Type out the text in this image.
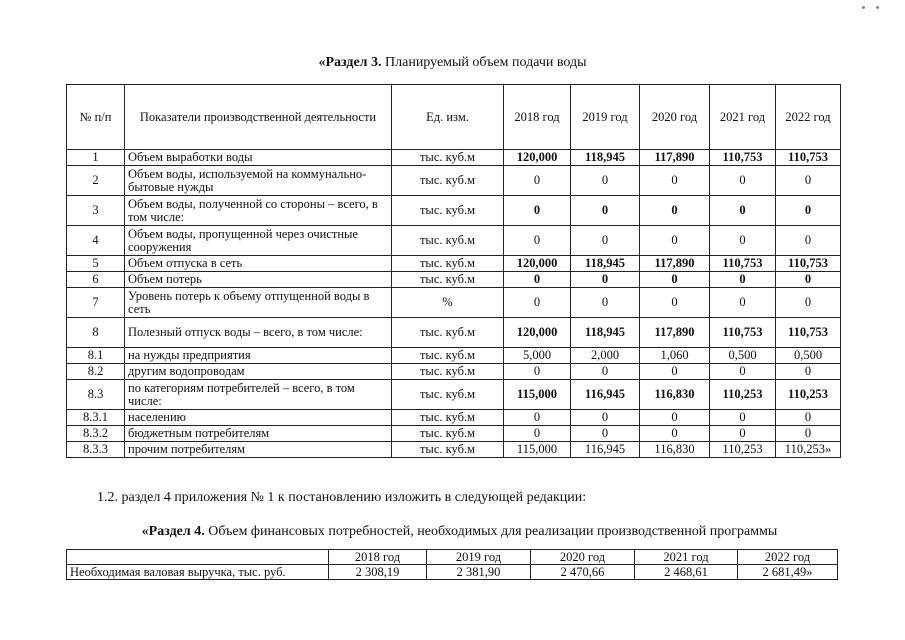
«Раздел 3. Планируемый объем подачи воды
№ п/п	Показатели производственной деятельности	Ед. изм.	2018 год	2019 год	2020 год	2021 год	2022 год
1	Объем выработки воды	тыс. куб.м	120,000	118,945	117,890	110,753	110,753
2	Объем воды, используемой на коммунально-бытовые нужды	тыс. куб.м	0	0	0	0	0
3	Объем воды, полученной со стороны – всего, в том числе:	тыс. куб.м	0	0	0	0	0
4	Объем воды, пропущенной через очистные сооружения	тыс. куб.м	0	0	0	0	0
5	Объем отпуска в сеть	тыс. куб.м	120,000	118,945	117,890	110,753	110,753
6	Объем потерь	тыс. куб.м	0	0	0	0	0
7	Уровень потерь к объему отпущенной воды в сеть	%	0	0	0	0	0
8	Полезный отпуск воды – всего, в том числе:	тыс. куб.м	120,000	118,945	117,890	110,753	110,753
8.1	на нужды предприятия	тыс. куб.м	5,000	2,000	1,060	0,500	0,500
8.2	другим водопроводам	тыс. куб.м	0	0	0	0	0
8.3	по категориям потребителей – всего, в том числе:	тыс. куб.м	115,000	116,945	116,830	110,253	110,253
8.3.1	населению	тыс. куб.м	0	0	0	0	0
8.3.2	бюджетным потребителям	тыс. куб.м	0	0	0	0	0
8.3.3	прочим потребителям	тыс. куб.м	115,000	116,945	116,830	110,253	110,253»
1.2. раздел 4 приложения № 1 к постановлению изложить в следующей редакции:
«Раздел 4. Объем финансовых потребностей, необходимых для реализации производственной программы
	2018 год	2019 год	2020 год	2021 год	2022 год
Необходимая валовая выручка, тыс. руб.	2 308,19	2 381,90	2 470,66	2 468,61	2 681,49»
